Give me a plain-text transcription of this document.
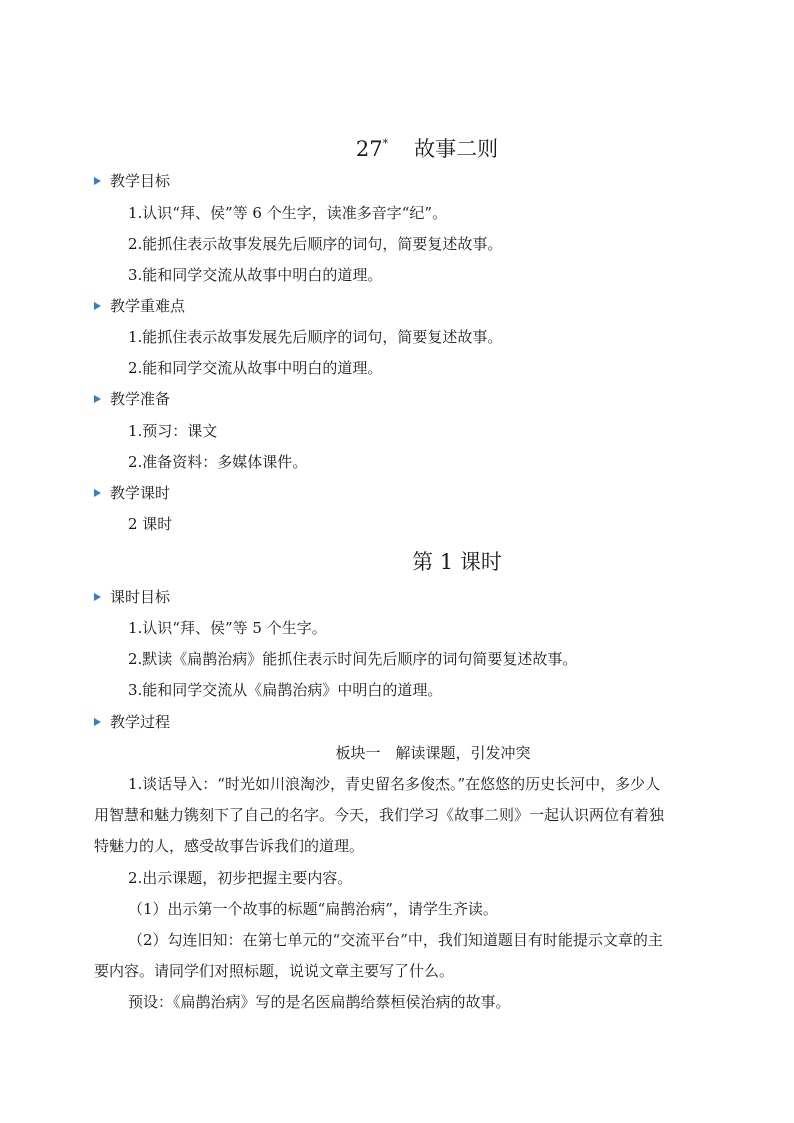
27* 故事二则
教学目标
1.认识“拜、侯”等 6 个生字，读准多音字“纪”。
2.能抓住表示故事发展先后顺序的词句，简要复述故事。
3.能和同学交流从故事中明白的道理。
教学重难点
1.能抓住表示故事发展先后顺序的词句，简要复述故事。
2.能和同学交流从故事中明白的道理。
教学准备
1.预习：课文
2.准备资料：多媒体课件。
教学课时
2 课时
第 1 课时
课时目标
1.认识“拜、侯”等 5 个生字。
2.默读《扁鹊治病》能抓住表示时间先后顺序的词句简要复述故事。
3.能和同学交流从《扁鹊治病》中明白的道理。
教学过程
板块一　解读课题，引发冲突
1.谈话导入：“时光如川浪淘沙，青史留名多俊杰。”在悠悠的历史长河中，多少人
用智慧和魅力镌刻下了自己的名字。今天，我们学习《故事二则》一起认识两位有着独
特魅力的人，感受故事告诉我们的道理。
2.出示课题，初步把握主要内容。
（1）出示第一个故事的标题“扁鹊治病”，请学生齐读。
（2）勾连旧知：在第七单元的“交流平台”中，我们知道题目有时能提示文章的主
要内容。请同学们对照标题，说说文章主要写了什么。
预设：《扁鹊治病》写的是名医扁鹊给蔡桓侯治病的故事。
